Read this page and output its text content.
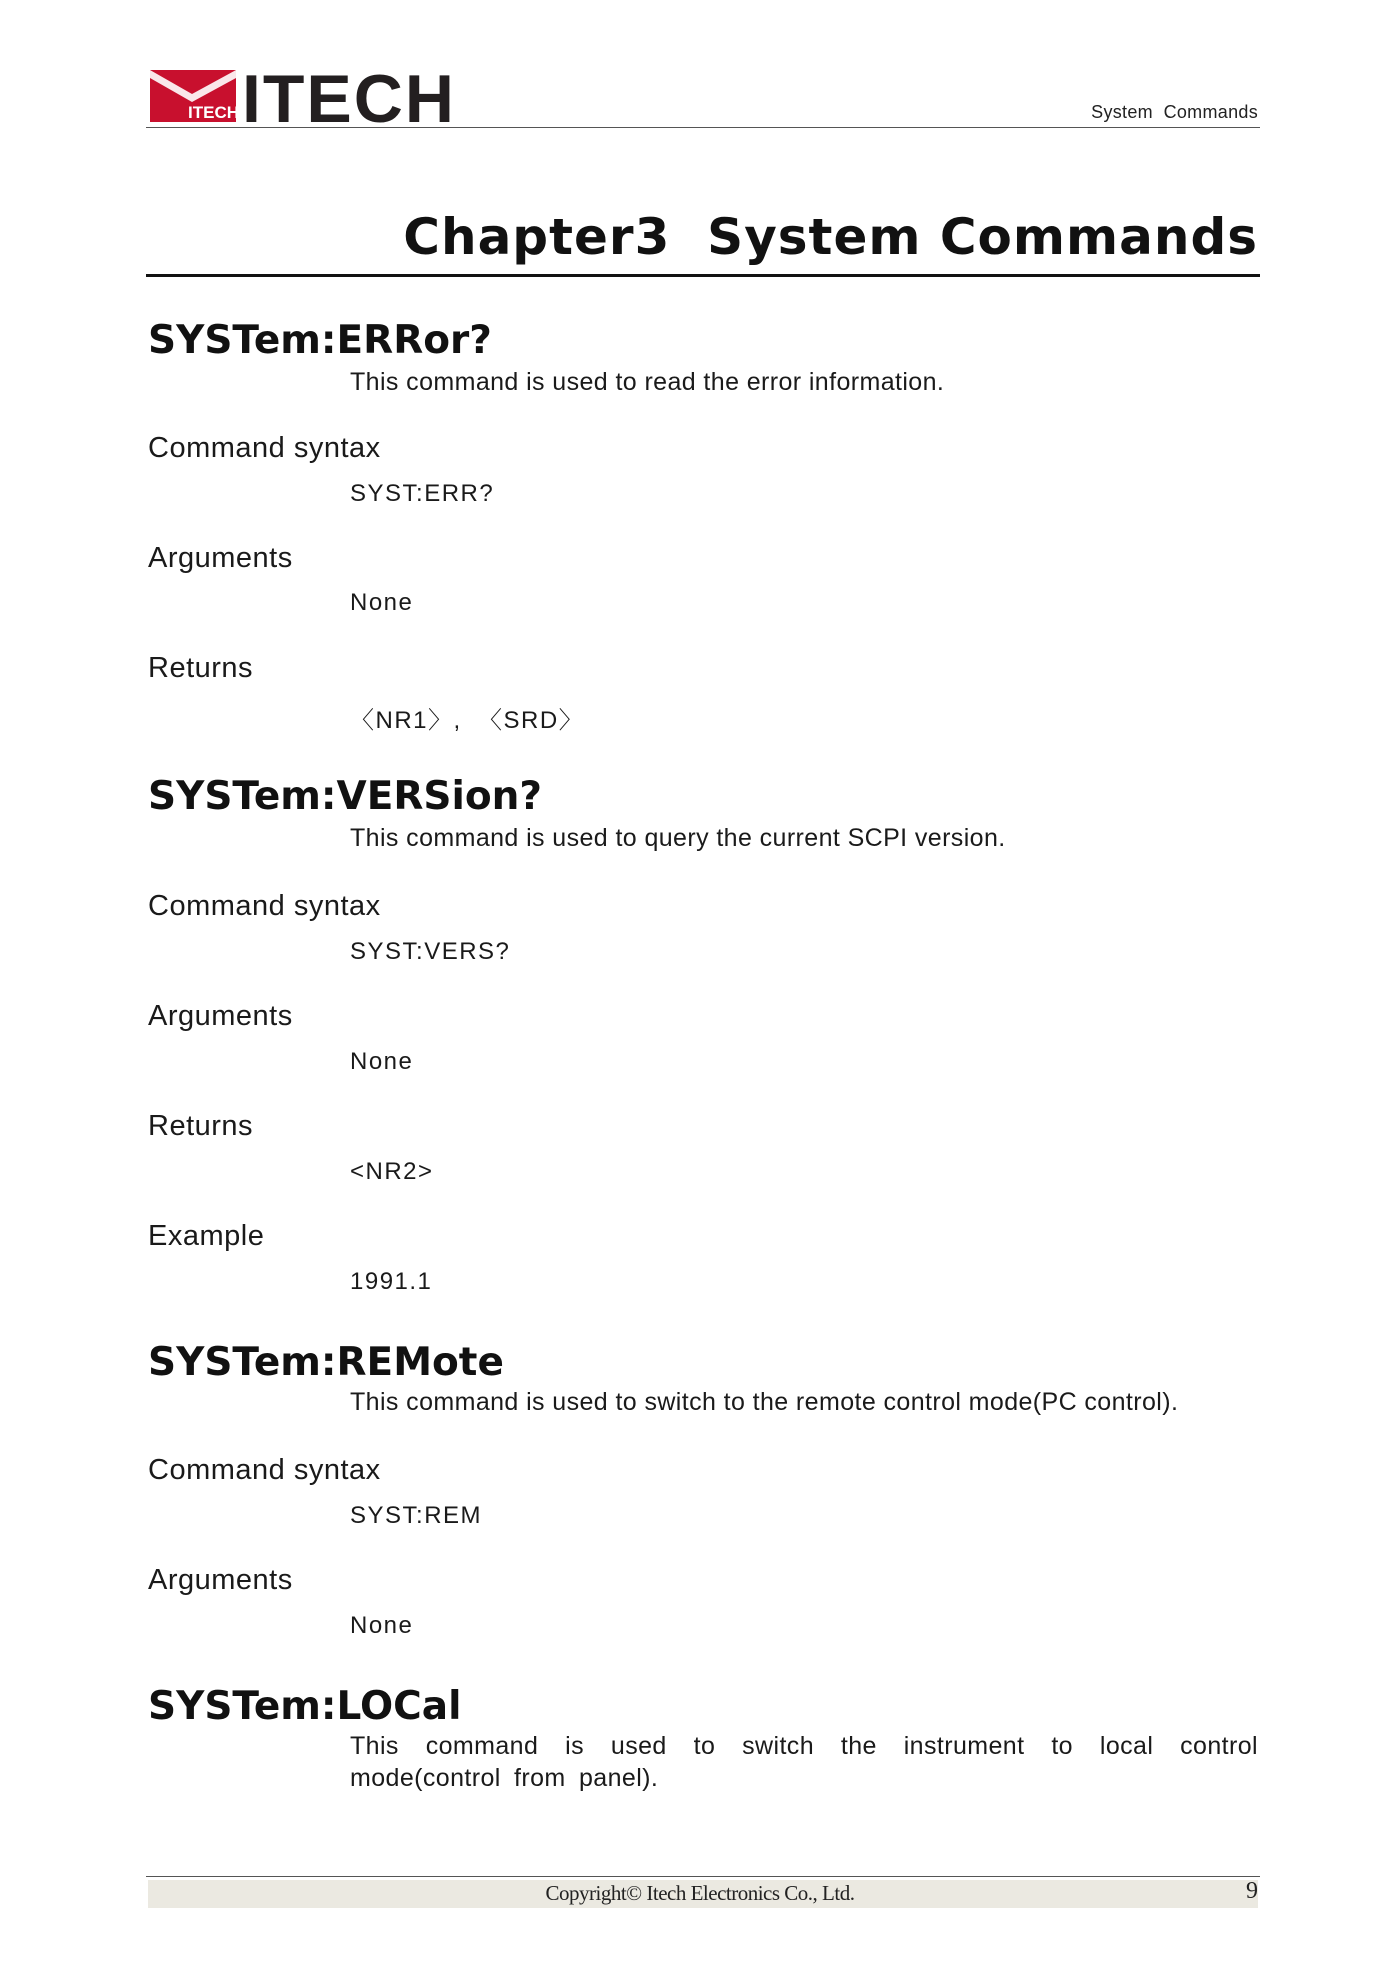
ITECH ITECH	System  Commands
Chapter3  System Commands
SYSTem:ERRor?
This command is used to read the error information.
Command syntax
SYST:ERR?
Arguments
None
Returns
〈NR1〉,  〈SRD〉
SYSTem:VERSion?
This command is used to query the current SCPI version.
Command syntax
SYST:VERS?
Arguments
None
Returns
<NR2>
Example
1991.1
SYSTem:REMote
This command is used to switch to the remote control mode(PC control).
Command syntax
SYST:REM
Arguments
None
SYSTem:LOCal
This command is used to switch the instrument to local control mode(control from panel).
Copyright© Itech Electronics Co., Ltd.	9
